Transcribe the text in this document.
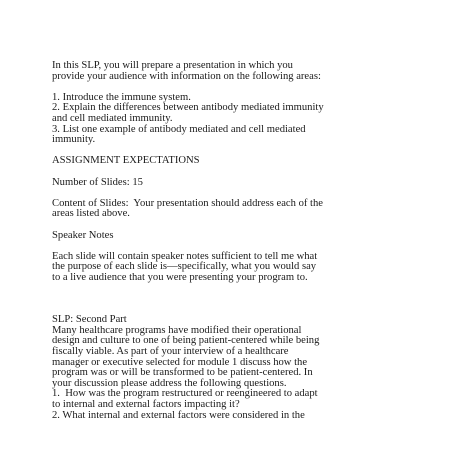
In this SLP, you will prepare a presentation in which you
provide your audience with information on the following areas:
1. Introduce the immune system.
2. Explain the differences between antibody mediated immunity
and cell mediated immunity.
3. List one example of antibody mediated and cell mediated
immunity.
ASSIGNMENT EXPECTATIONS
Number of Slides: 15
Content of Slides:  Your presentation should address each of the
areas listed above.
Speaker Notes
Each slide will contain speaker notes sufficient to tell me what
the purpose of each slide is—specifically, what you would say
to a live audience that you were presenting your program to.
SLP: Second Part
Many healthcare programs have modified their operational
design and culture to one of being patient-centered while being
fiscally viable. As part of your interview of a healthcare
manager or executive selected for module 1 discuss how the
program was or will be transformed to be patient-centered. In
your discussion please address the following questions.
1.  How was the program restructured or reengineered to adapt
to internal and external factors impacting it?
2. What internal and external factors were considered in the
